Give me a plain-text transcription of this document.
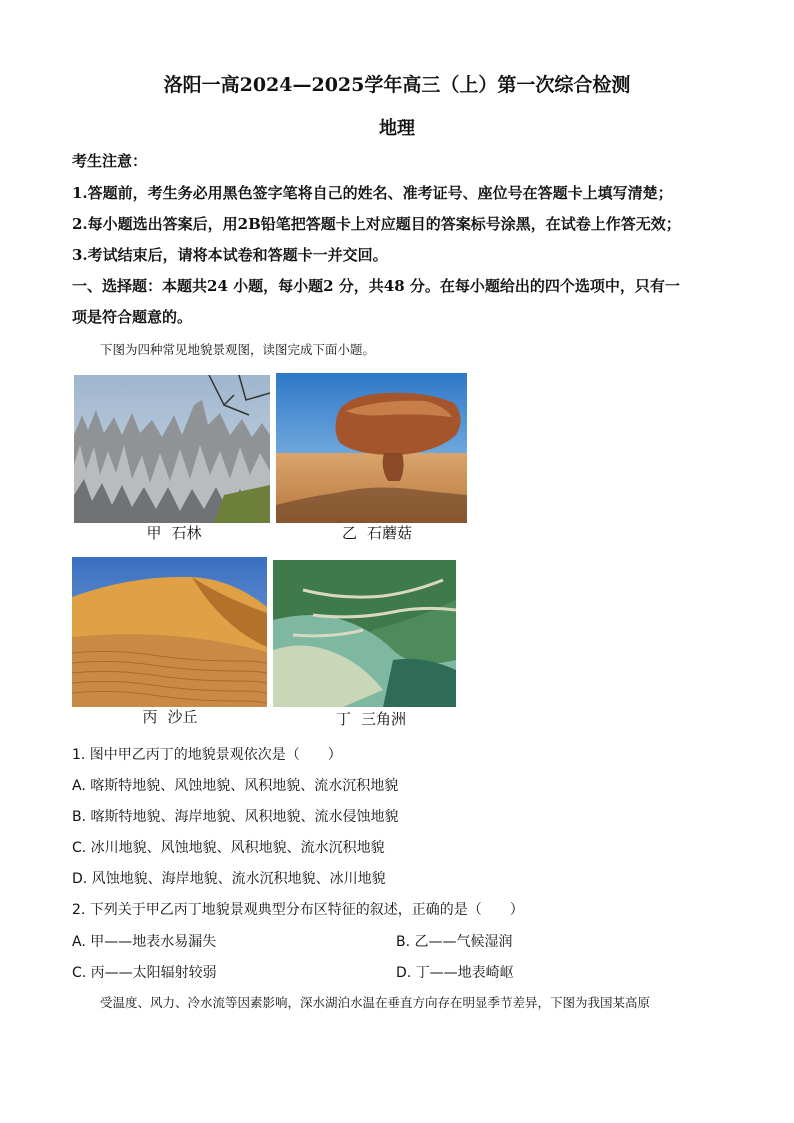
洛阳一高2024—2025学年高三（上）第一次综合检测
地理
考生注意：
1.答题前，考生务必用黑色签字笔将自己的姓名、准考证号、座位号在答题卡上填写清楚；
2.每小题选出答案后，用2B铅笔把答题卡上对应题目的答案标号涂黑，在试卷上作答无效；
3.考试结束后，请将本试卷和答题卡一并交回。
一、选择题：本题共24 小题，每小题2 分，共48 分。在每小题给出的四个选项中，只有一
项是符合题意的。
下图为四种常见地貌景观图，读图完成下面小题。
甲 石林	乙 石蘑菇
丙 沙丘	丁 三角洲
1. 图中甲乙丙丁的地貌景观依次是（　　）
A. 喀斯特地貌、风蚀地貌、风积地貌、流水沉积地貌
B. 喀斯特地貌、海岸地貌、风积地貌、流水侵蚀地貌
C. 冰川地貌、风蚀地貌、风积地貌、流水沉积地貌
D. 风蚀地貌、海岸地貌、流水沉积地貌、冰川地貌
2. 下列关于甲乙丙丁地貌景观典型分布区特征的叙述，正确的是（　　）
A. 甲——地表水易漏失	B. 乙——气候湿润
C. 丙——太阳辐射较弱	D. 丁——地表崎岖
受温度、风力、冷水流等因素影响，深水湖泊水温在垂直方向存在明显季节差异，下图为我国某高原
